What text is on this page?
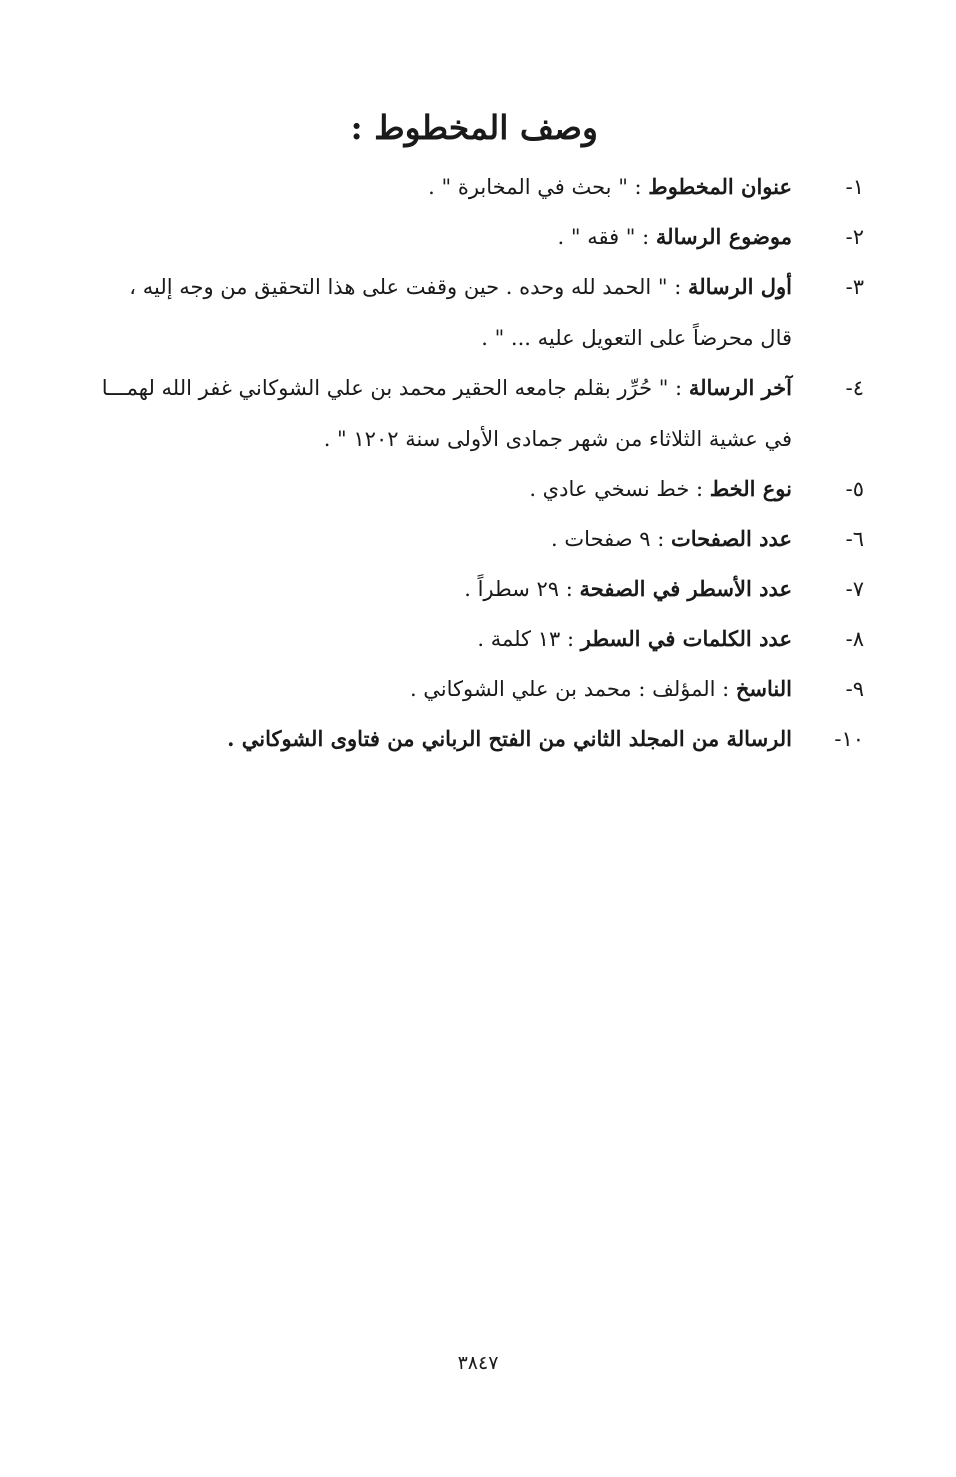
وصف المخطوط :
١-
عنوان المخطوط : " بحث في المخابرة " .
٢-
موضوع الرسالة : " فقه " .
٣-
أول الرسالة : " الحمد لله وحده . حين وقفت على هذا التحقيق من وجه إليه ،
قال محرضاً على التعويل عليه ... " .
٤-
آخر الرسالة : " حُرِّر بقلم جامعه الحقير محمد بن علي الشوكاني غفر الله لهمـــا
في عشية الثلاثاء من شهر جمادى الأولى سنة ١٢٠٢ " .
٥-
نوع الخط : خط نسخي عادي .
٦-
عدد الصفحات : ٩ صفحات .
٧-
عدد الأسطر في الصفحة : ٢٩ سطراً .
٨-
عدد الكلمات في السطر : ١٣ كلمة .
٩-
الناسخ : المؤلف : محمد بن علي الشوكاني .
١٠-
الرسالة من المجلد الثاني من الفتح الرباني من فتاوى الشوكاني .
٣٨٤٧
